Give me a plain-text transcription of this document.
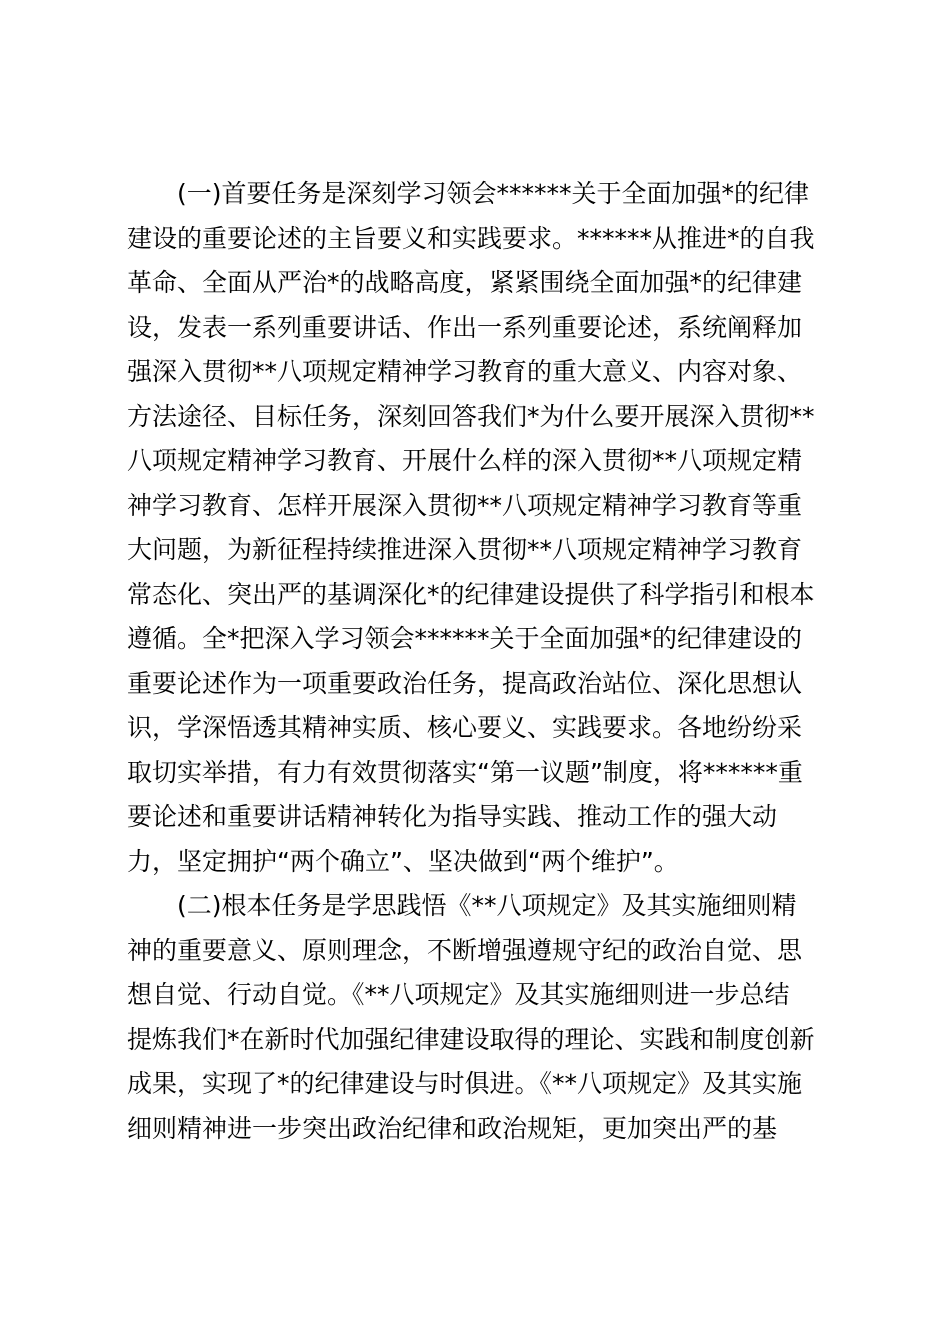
(一)首要任务是深刻学习领会******关于全面加强*的纪律
建设的重要论述的主旨要义和实践要求。******从推进*的自我
革命、全面从严治*的战略高度，紧紧围绕全面加强*的纪律建
设，发表一系列重要讲话、作出一系列重要论述，系统阐释加
强深入贯彻**八项规定精神学习教育的重大意义、内容对象、
方法途径、目标任务，深刻回答我们*为什么要开展深入贯彻**
八项规定精神学习教育、开展什么样的深入贯彻**八项规定精
神学习教育、怎样开展深入贯彻**八项规定精神学习教育等重
大问题，为新征程持续推进深入贯彻**八项规定精神学习教育
常态化、突出严的基调深化*的纪律建设提供了科学指引和根本
遵循。全*把深入学习领会******关于全面加强*的纪律建设的
重要论述作为一项重要政治任务，提高政治站位、深化思想认
识，学深悟透其精神实质、核心要义、实践要求。各地纷纷采
取切实举措，有力有效贯彻落实“第一议题”制度，将******重
要论述和重要讲话精神转化为指导实践、推动工作的强大动
力，坚定拥护“两个确立”、坚决做到“两个维护”。
(二)根本任务是学思践悟《**八项规定》及其实施细则精
神的重要意义、原则理念，不断增强遵规守纪的政治自觉、思
想自觉、行动自觉。《**八项规定》及其实施细则进一步总结
提炼我们*在新时代加强纪律建设取得的理论、实践和制度创新
成果，实现了*的纪律建设与时俱进。《**八项规定》及其实施
细则精神进一步突出政治纪律和政治规矩，更加突出严的基
